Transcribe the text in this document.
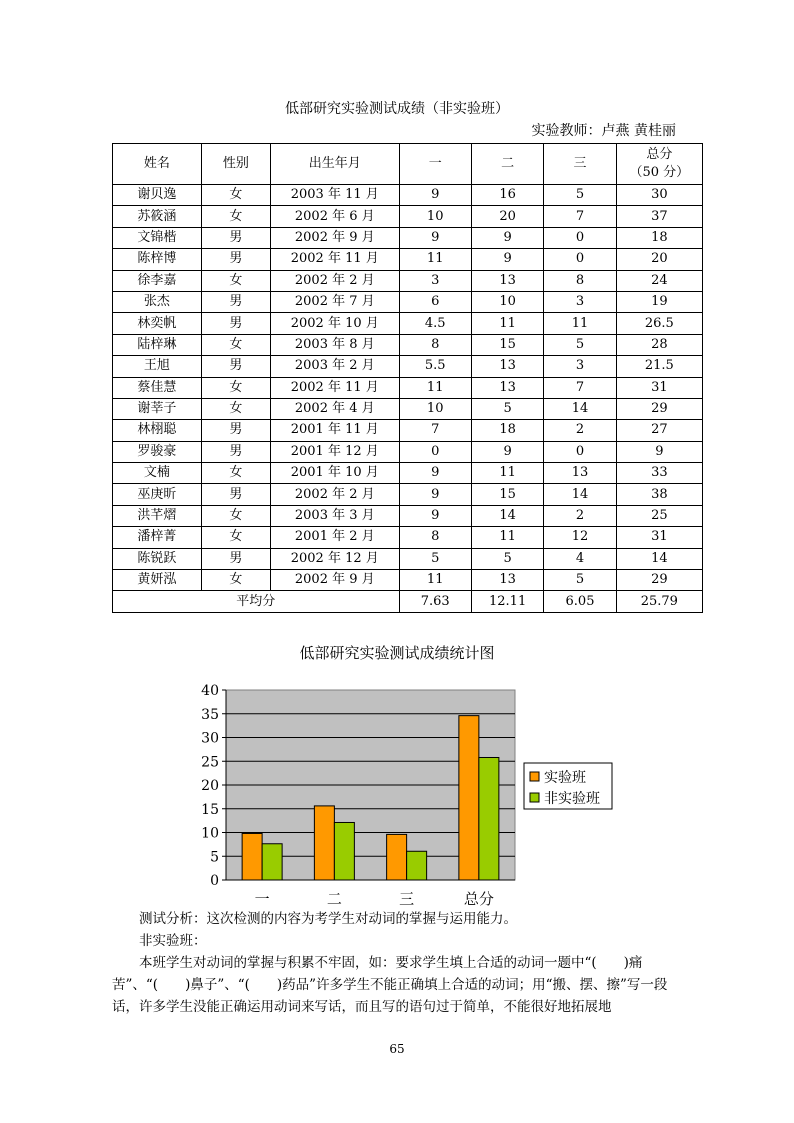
低部研究实验测试成绩（非实验班）
实验教师：卢燕 黄桂丽
姓名	性别	出生年月	一	二	三	总分
（50 分）
谢贝逸	女	2003 年 11 月	9	16	5	30
苏筱涵	女	2002 年 6 月	10	20	7	37
文锦楷	男	2002 年 9 月	9	9	0	18
陈梓博	男	2002 年 11 月	11	9	0	20
徐李嘉	女	2002 年 2 月	3	13	8	24
张杰	男	2002 年 7 月	6	10	3	19
林奕帆	男	2002 年 10 月	4.5	11	11	26.5
陆梓琳	女	2003 年 8 月	8	15	5	28
王旭	男	2003 年 2 月	5.5	13	3	21.5
蔡佳慧	女	2002 年 11 月	11	13	7	31
谢莘子	女	2002 年 4 月	10	5	14	29
林栩聪	男	2001 年 11 月	7	18	2	27
罗骏豪	男	2001 年 12 月	0	9	0	9
文楠	女	2001 年 10 月	9	11	13	33
巫庚昕	男	2002 年 2 月	9	15	14	38
洪芊熠	女	2003 年 3 月	9	14	2	25
潘梓菁	女	2001 年 2 月	8	11	12	31
陈锐跃	男	2002 年 12 月	5	5	4	14
黄妍泓	女	2002 年 9 月	11	13	5	29
平均分			7.63	12.11	6.05	25.79
低部研究实验测试成绩统计图
0
5
10
15
20
25
30
35
40
一	二	三	总分
实验班
非实验班

测试分析：这次检测的内容为考学生对动词的掌握与运用能力。

非实验班：

本班学生对动词的掌握与积累不牢固，如：要求学生填上合适的动词一题中“(　　)痛苦”、“(　　)鼻子”、“(　　)药品”许多学生不能正确填上合适的动词；用“搬、摆、擦”写一段话，许多学生没能正确运用动词来写话，而且写的语句过于简单，不能很好地拓展地

65
